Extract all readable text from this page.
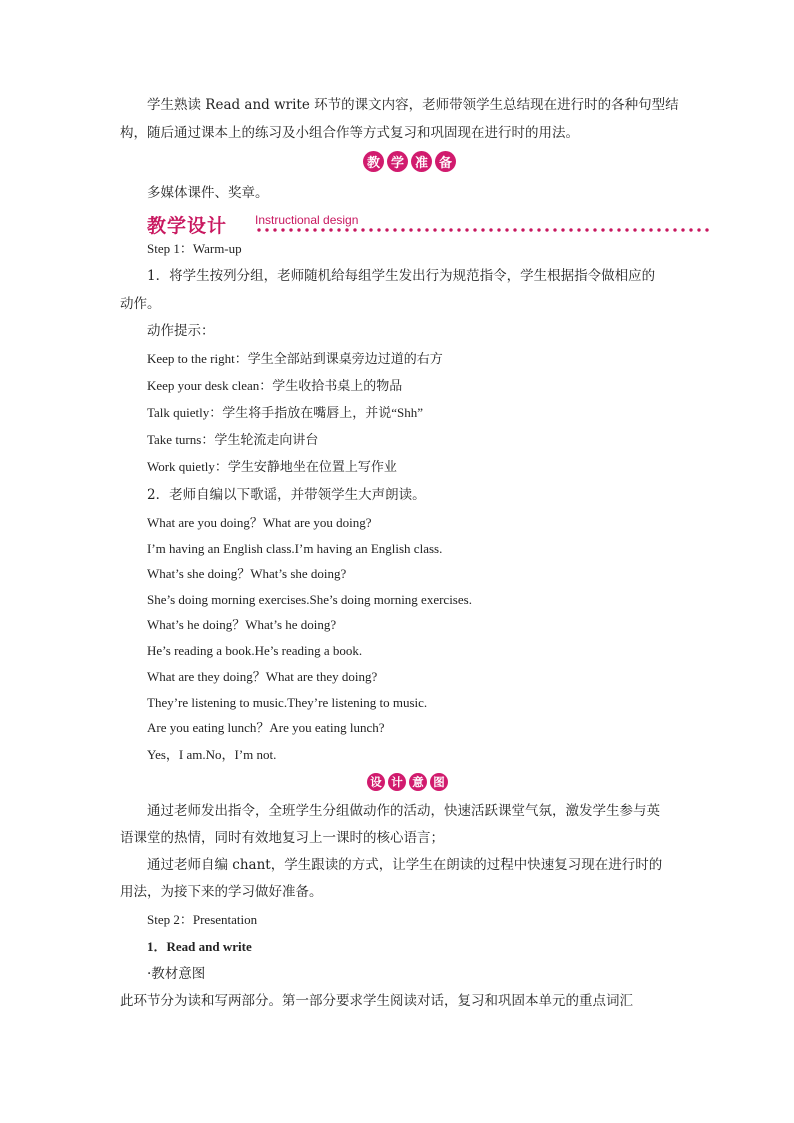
学生熟读 Read and write 环节的课文内容，老师带领学生总结现在进行时的各种句型结
构，随后通过课本上的练习及小组合作等方式复习和巩固现在进行时的用法。
教 学 准 备
多媒体课件、奖章。
教学设计 Instructional design
Step 1：Warm-up
1．将学生按列分组，老师随机给每组学生发出行为规范指令，学生根据指令做相应的
动作。
动作提示：
Keep to the right：学生全部站到课桌旁边过道的右方
Keep your desk clean：学生收拾书桌上的物品
Talk quietly：学生将手指放在嘴唇上，并说“Shh”
Take turns：学生轮流走向讲台
Work quietly：学生安静地坐在位置上写作业
2．老师自编以下歌谣，并带领学生大声朗读。
What are you doing？What are you doing?
I’m having an English class.I’m having an English class.
What’s she doing？What’s she doing?
She’s doing morning exercises.She’s doing morning exercises.
What’s he doing？What’s he doing?
He’s reading a book.He’s reading a book.
What are they doing？What are they doing?
They’re listening to music.They’re listening to music.
Are you eating lunch？Are you eating lunch?
Yes，I am.No，I’m not.
设 计 意 图
通过老师发出指令，全班学生分组做动作的活动，快速活跃课堂气氛，激发学生参与英
语课堂的热情，同时有效地复习上一课时的核心语言；
通过老师自编 chant，学生跟读的方式，让学生在朗读的过程中快速复习现在进行时的
用法，为接下来的学习做好准备。
Step 2：Presentation
1．Read and write
·教材意图
此环节分为读和写两部分。第一部分要求学生阅读对话，复习和巩固本单元的重点词汇
